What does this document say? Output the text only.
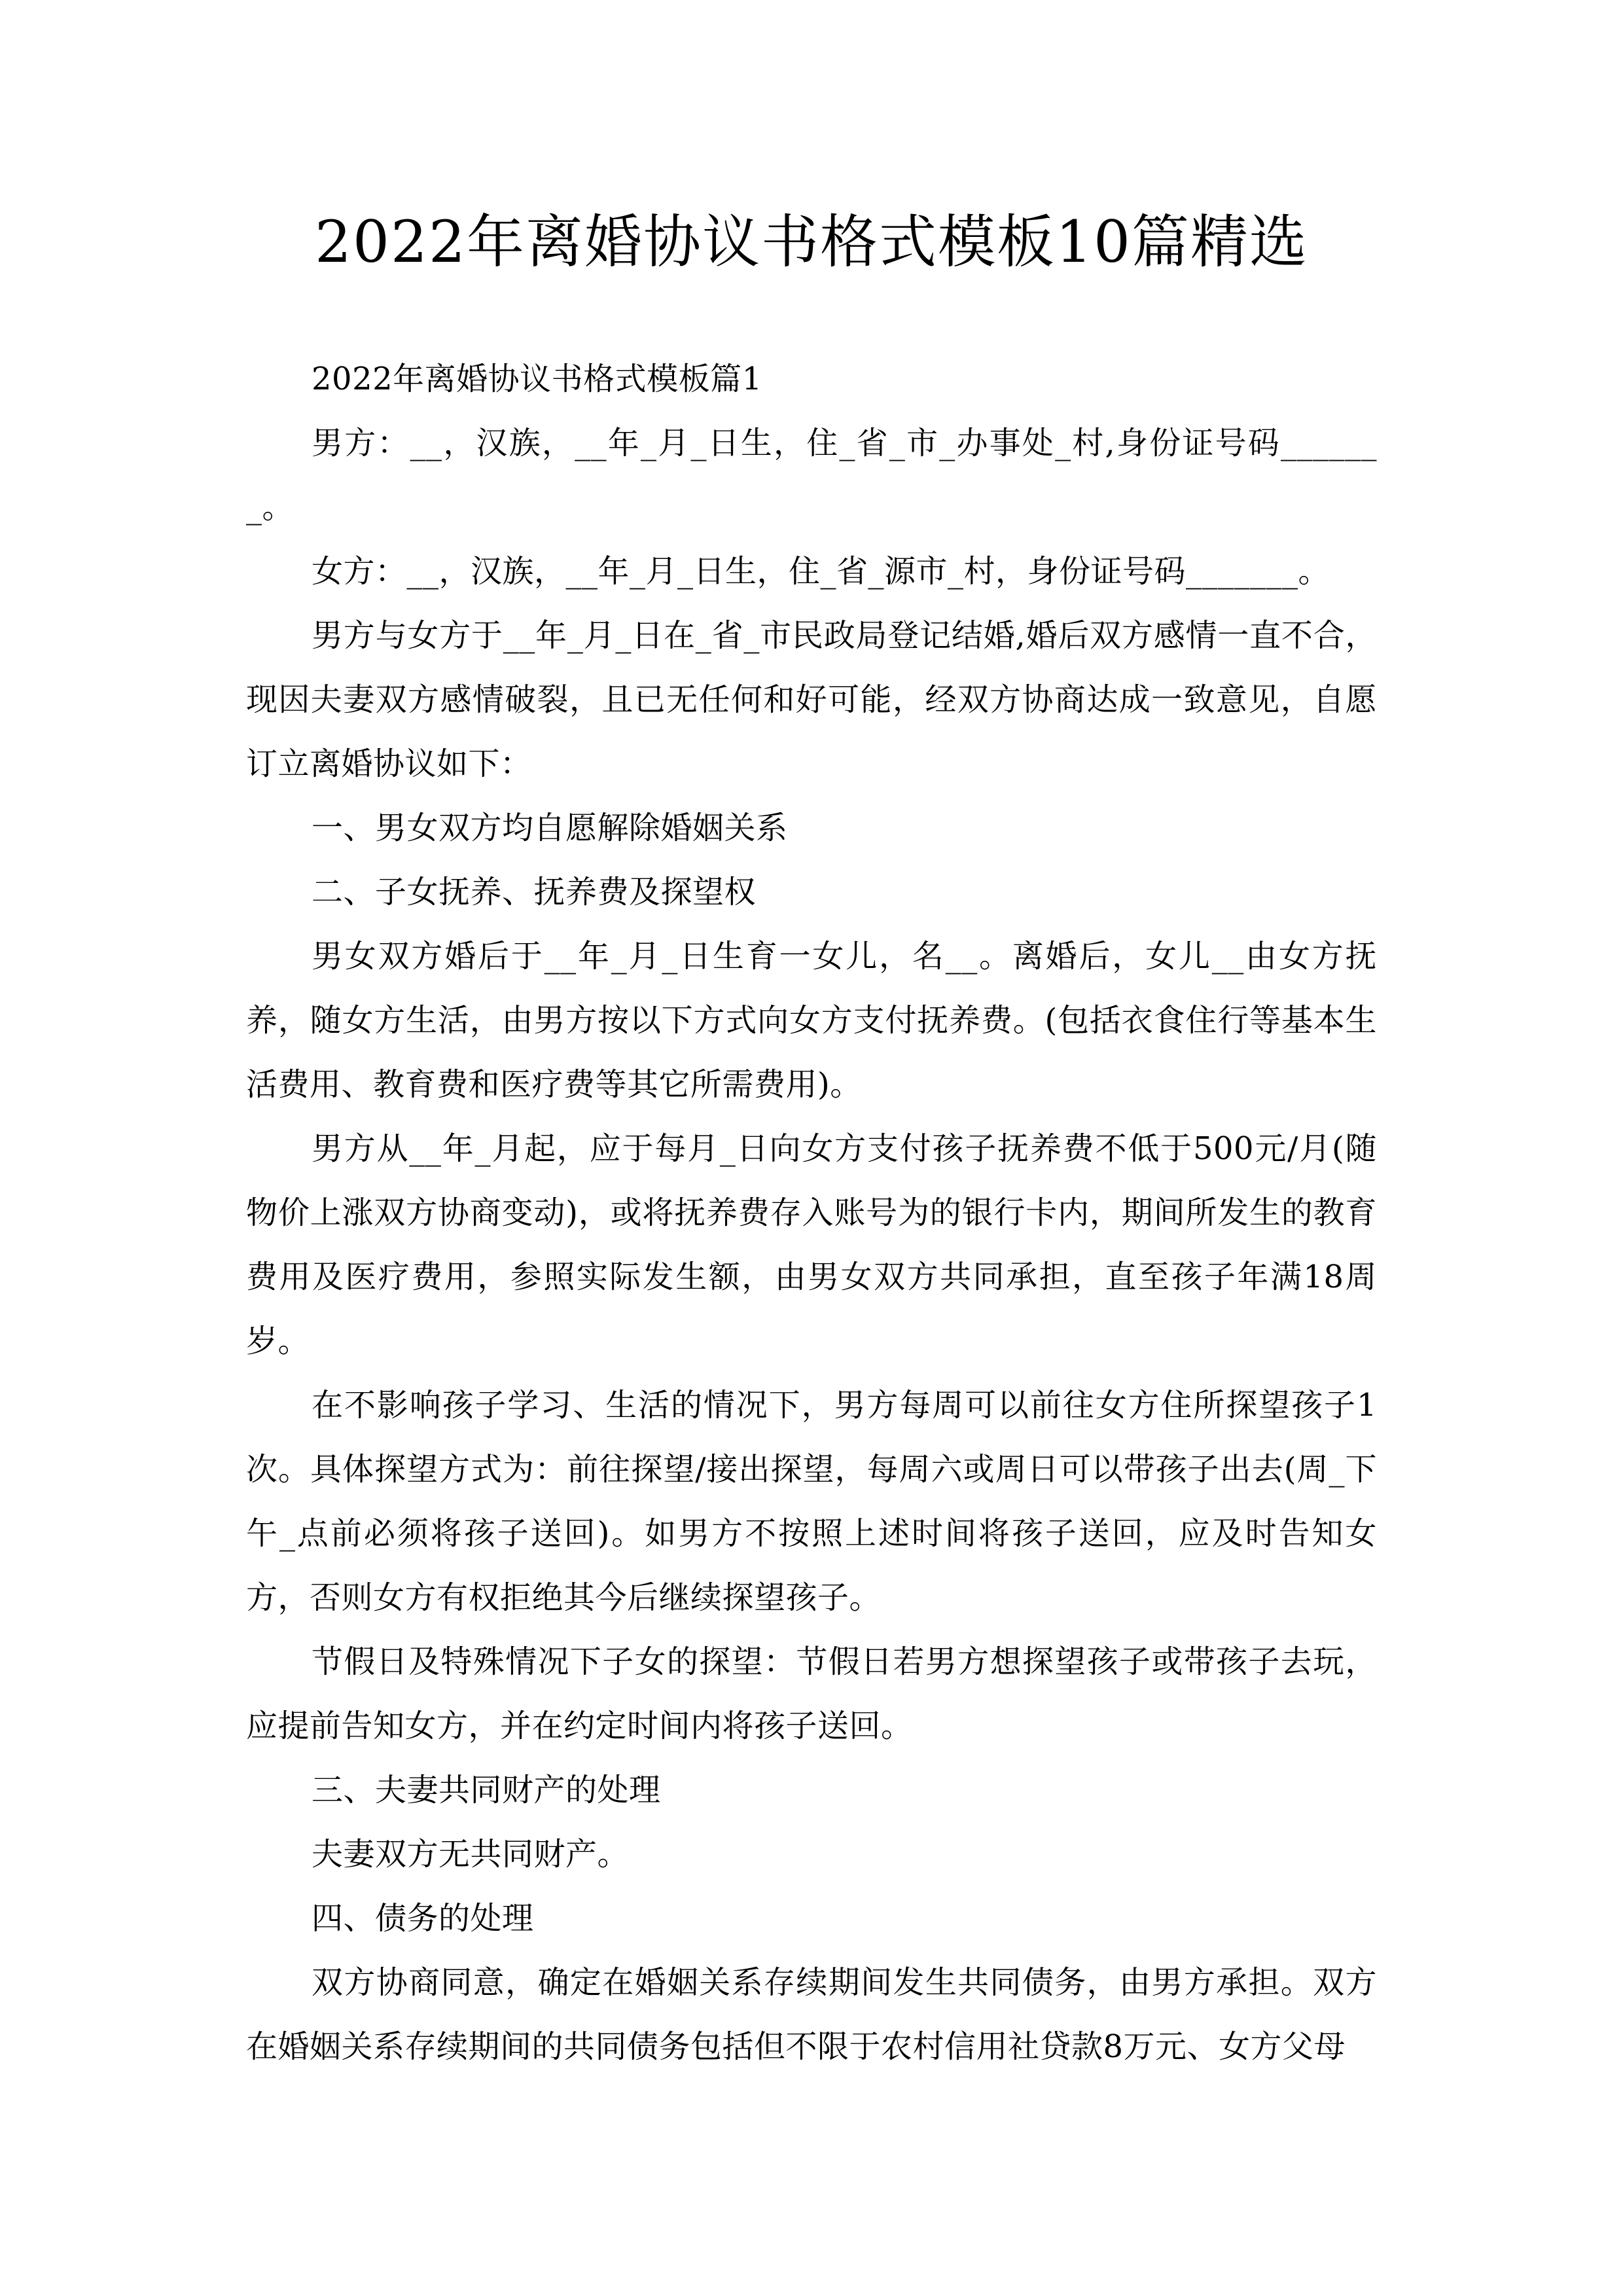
2022年离婚协议书格式模板10篇精选

2022年离婚协议书格式模板篇1

男方：__，汉族，__年_月_日生，住_省_市_办事处_村,身份证号码_______。

女方：__，汉族，__年_月_日生，住_省_源市_村，身份证号码_______。

男方与女方于__年_月_日在_省_市民政局登记结婚,婚后双方感情一直不合，现因夫妻双方感情破裂，且已无任何和好可能，经双方协商达成一致意见，自愿订立离婚协议如下：

一、男女双方均自愿解除婚姻关系

二、子女抚养、抚养费及探望权

男女双方婚后于__年_月_日生育一女儿，名__。离婚后，女儿__由女方抚养，随女方生活，由男方按以下方式向女方支付抚养费。(包括衣食住行等基本生活费用、教育费和医疗费等其它所需费用)。

男方从__年_月起，应于每月_日向女方支付孩子抚养费不低于500元/月(随物价上涨双方协商变动)，或将抚养费存入账号为的银行卡内，期间所发生的教育费用及医疗费用，参照实际发生额，由男女双方共同承担，直至孩子年满18周岁。

在不影响孩子学习、生活的情况下，男方每周可以前往女方住所探望孩子1次。具体探望方式为：前往探望/接出探望，每周六或周日可以带孩子出去(周_下午_点前必须将孩子送回)。如男方不按照上述时间将孩子送回，应及时告知女方，否则女方有权拒绝其今后继续探望孩子。

节假日及特殊情况下子女的探望：节假日若男方想探望孩子或带孩子去玩，应提前告知女方，并在约定时间内将孩子送回。

三、夫妻共同财产的处理

夫妻双方无共同财产。

四、债务的处理

双方协商同意，确定在婚姻关系存续期间发生共同债务，由男方承担。双方在婚姻关系存续期间的共同债务包括但不限于农村信用社贷款8万元、女方父母
